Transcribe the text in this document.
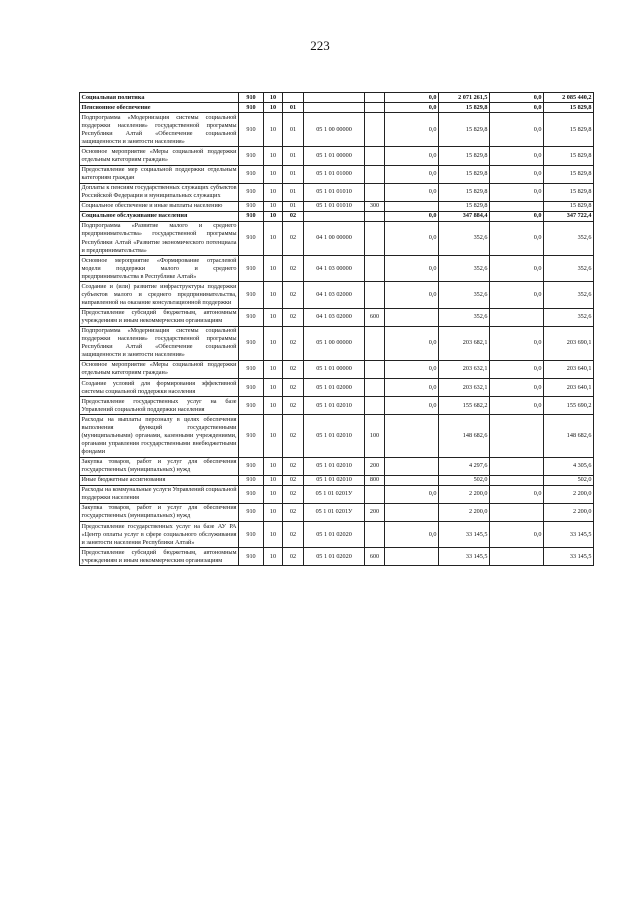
223
Социальная политика	910	10				0,0	2 071 261,5	0,0	2 085 440,2
Пенсионное обеспечение	910	10	01			0,0	15 829,8	0,0	15 829,8
Подпрограмма «Модернизация системы социальной поддержки населения» государственной программы Республики Алтай «Обеспечение социальной защищенности и занятости населения»	910	10	01	05 1 00 00000		0,0	15 829,8	0,0	15 829,8
Основное мероприятие «Меры социальной поддержки отдельным категориям граждан»	910	10	01	05 1 01 00000		0,0	15 829,8	0,0	15 829,8
Предоставление мер социальной поддержки отдельным категориям граждан	910	10	01	05 1 01 01000		0,0	15 829,8	0,0	15 829,8
Доплаты к пенсиям государственных служащих субъектов Российской Федерации и муниципальных служащих	910	10	01	05 1 01 01010		0,0	15 829,8	0,0	15 829,8
Социальное обеспечение и иные выплаты населению	910	10	01	05 1 01 01010	300		15 829,8		15 829,8
Социальное обслуживание населения	910	10	02			0,0	347 884,4	0,0	347 722,4
Подпрограмма «Развитие малого и среднего предпринимательства» государственной программы Республики Алтай «Развитие экономического потенциала и предпринимательства»	910	10	02	04 1 00 00000		0,0	352,6	0,0	352,6
Основное мероприятие «Формирование отраслевой модели поддержки малого и среднего предпринимательства в Республике Алтай»	910	10	02	04 1 03 00000		0,0	352,6	0,0	352,6
Создание и (или) развитие инфраструктуры поддержки субъектов малого и среднего предпринимательства, направленной на оказание консультационной поддержки	910	10	02	04 1 03 02000		0,0	352,6	0,0	352,6
Предоставление субсидий бюджетным, автономным учреждениям и иным некоммерческим организациям	910	10	02	04 1 03 02000	600		352,6		352,6
Подпрограмма «Модернизация системы социальной поддержки населения» государственной программы Республики Алтай «Обеспечение социальной защищенности и занятости населения»	910	10	02	05 1 00 00000		0,0	203 682,1	0,0	203 690,1
Основное мероприятие «Меры социальной поддержки отдельным категориям граждан»	910	10	02	05 1 01 00000		0,0	203 632,1	0,0	203 640,1
Создание условий для формирования эффективной системы социальной поддержки населения	910	10	02	05 1 01 02000		0,0	203 632,1	0,0	203 640,1
Предоставление государственных услуг на базе Управлений социальной поддержки населения	910	10	02	05 1 01 02010		0,0	155 682,2	0,0	155 690,2
Расходы на выплаты персоналу в целях обеспечения выполнения функций государственными (муниципальными) органами, казенными учреждениями, органами управления государственными внебюджетными фондами	910	10	02	05 1 01 02010	100		148 682,6		148 682,6
Закупка товаров, работ и услуг для обеспечения государственных (муниципальных) нужд	910	10	02	05 1 01 02010	200		4 297,6		4 305,6
Иные бюджетные ассигнования	910	10	02	05 1 01 02010	800		502,0		502,0
Расходы на коммунальные услуги Управлений социальной поддержки населения	910	10	02	05 1 01 0201У		0,0	2 200,0	0,0	2 200,0
Закупка товаров, работ и услуг для обеспечения государственных (муниципальных) нужд	910	10	02	05 1 01 0201У	200		2 200,0		2 200,0
Предоставление государственных услуг на базе АУ РА «Центр оплаты услуг в сфере социального обслуживания и занятости населения Республики Алтай»	910	10	02	05 1 01 02020		0,0	33 145,5	0,0	33 145,5
Предоставление субсидий бюджетным, автономным учреждениям и иным некоммерческим организациям	910	10	02	05 1 01 02020	600		33 145,5		33 145,5
